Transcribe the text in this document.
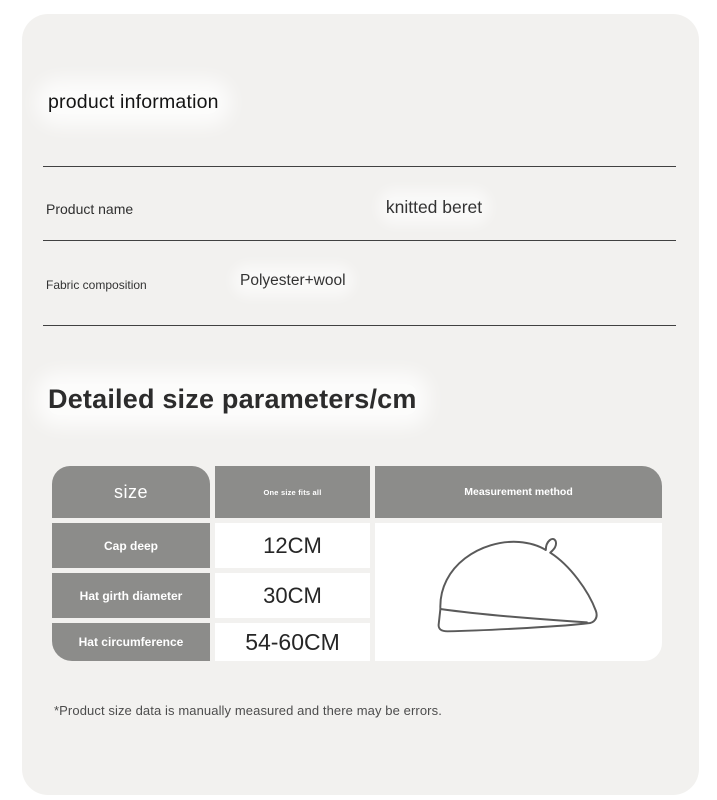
product information
Product name	knitted beret
Fabric composition	Polyester+wool
Detailed size parameters/cm
size	One size fits all	Measurement method
Cap deep	12CM
Hat girth diameter	30CM
Hat circumference	54-60CM
*Product size data is manually measured and there may be errors.
